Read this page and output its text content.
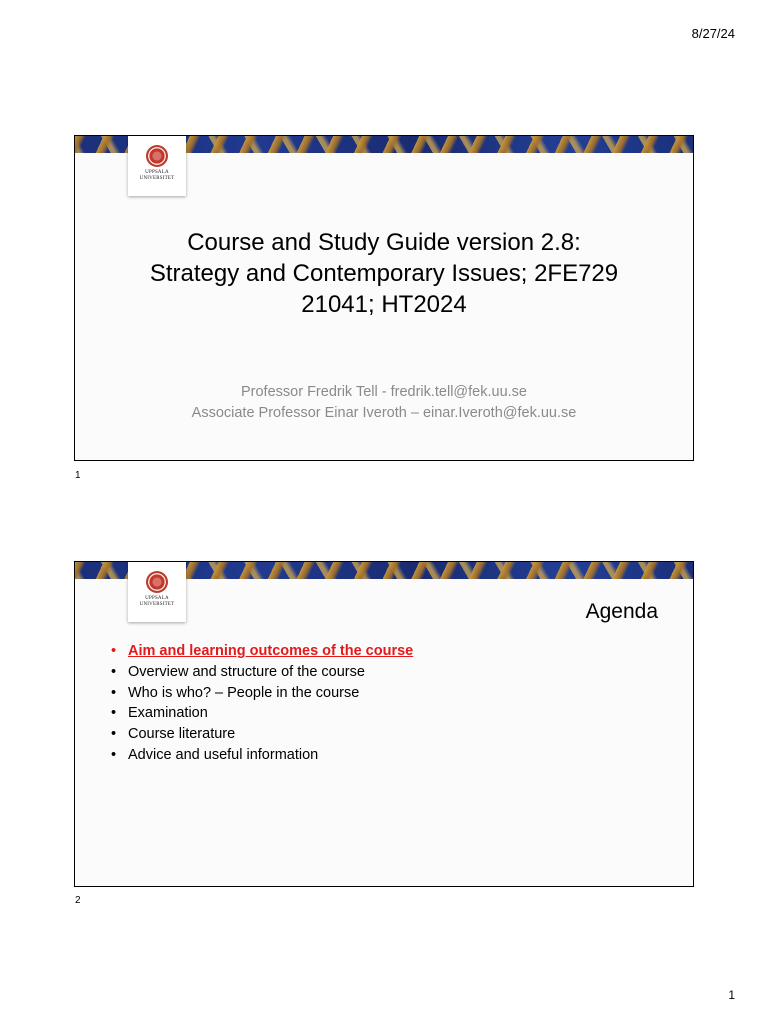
8/27/24
UPPSALA
UNIVERSITET
Course and Study Guide version 2.8:
Strategy and Contemporary Issues; 2FE729
21041; HT2024
Professor Fredrik Tell - fredrik.tell@fek.uu.se
Associate Professor Einar Iveroth – einar.Iveroth@fek.uu.se
1
UPPSALA
UNIVERSITET	Agenda
• Aim and learning outcomes of the course
• Overview and structure of the course
• Who is who? – People in the course
• Examination
• Course literature
• Advice and useful information
2
1
